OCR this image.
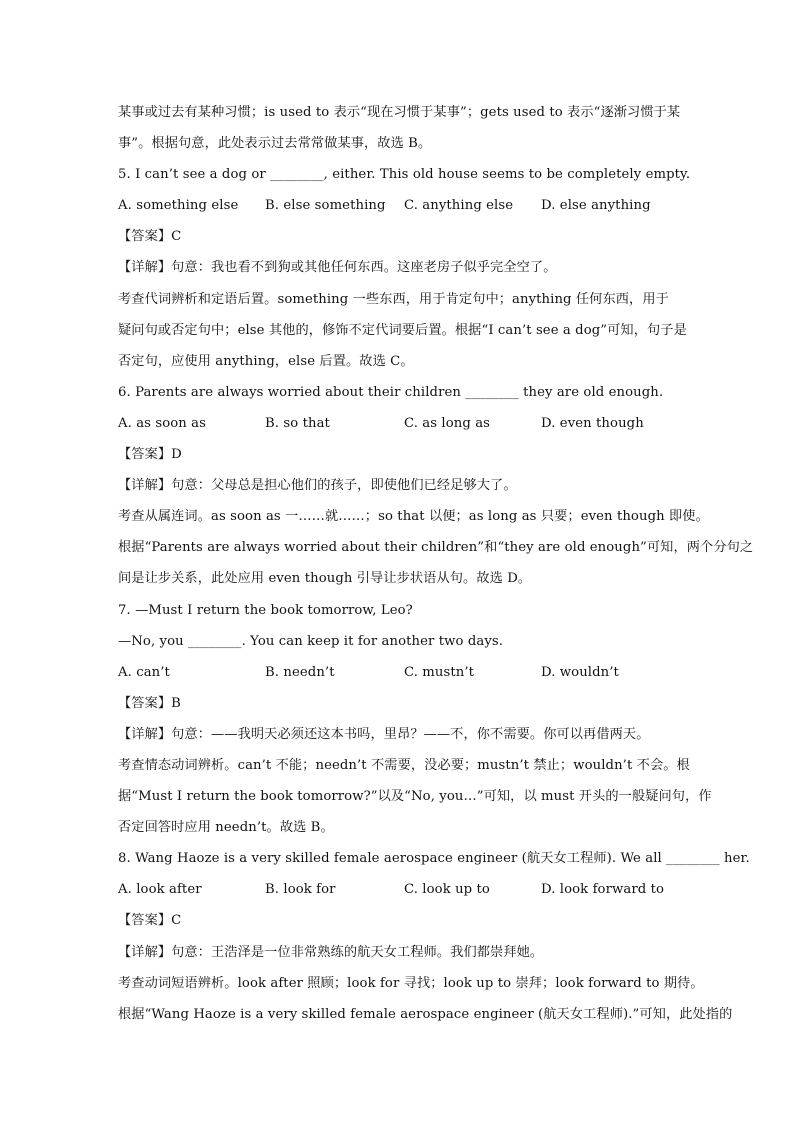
某事或过去有某种习惯；is used to 表示“现在习惯于某事”；gets used to 表示“逐渐习惯于某
事”。根据句意，此处表示过去常常做某事，故选 B。
5. I can’t see a dog or ________, either. This old house seems to be completely empty.
A. something else	B. else something	C. anything else	D. else anything
【答案】C
【详解】句意：我也看不到狗或其他任何东西。这座老房子似乎完全空了。
考查代词辨析和定语后置。something 一些东西，用于肯定句中；anything 任何东西，用于
疑问句或否定句中；else 其他的，修饰不定代词要后置。根据“I can’t see a dog”可知，句子是
否定句，应使用 anything，else 后置。故选 C。
6. Parents are always worried about their children ________ they are old enough.
A. as soon as	B. so that	C. as long as	D. even though
【答案】D
【详解】句意：父母总是担心他们的孩子，即使他们已经足够大了。
考查从属连词。as soon as 一……就……；so that 以便；as long as 只要；even though 即使。
根据“Parents are always worried about their children”和“they are old enough”可知，两个分句之
间是让步关系，此处应用 even though 引导让步状语从句。故选 D。
7. —Must I return the book tomorrow, Leo?
—No, you ________. You can keep it for another two days.
A. can’t	B. needn’t	C. mustn’t	D. wouldn’t
【答案】B
【详解】句意：——我明天必须还这本书吗，里昂？——不，你不需要。你可以再借两天。
考查情态动词辨析。can’t 不能；needn’t 不需要，没必要；mustn’t 禁止；wouldn’t 不会。根
据“Must I return the book tomorrow?”以及“No, you…”可知，以 must 开头的一般疑问句，作
否定回答时应用 needn’t。故选 B。
8. Wang Haoze is a very skilled female aerospace engineer (航天女工程师). We all ________ her.
A. look after	B. look for	C. look up to	D. look forward to
【答案】C
【详解】句意：王浩泽是一位非常熟练的航天女工程师。我们都崇拜她。
考查动词短语辨析。look after 照顾；look for 寻找；look up to 崇拜；look forward to 期待。
根据“Wang Haoze is a very skilled female aerospace engineer (航天女工程师).”可知，此处指的
